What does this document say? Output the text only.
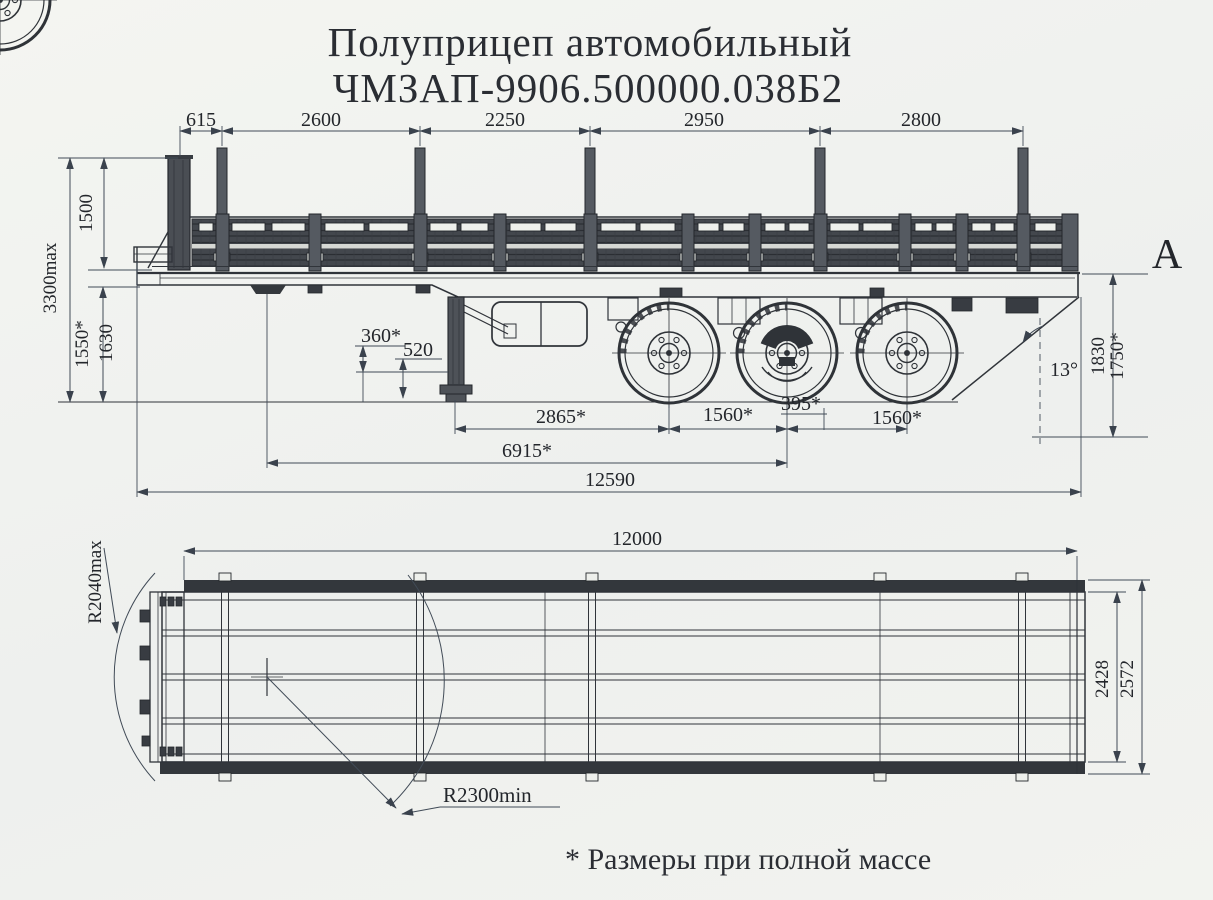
Полуприцеп автомобильный
ЧМЗАП-9906.500000.038Б2
A
615	2600	2250	2950	2800
3300max
1500
1550* 1630	1830
1750*
13°
360*
520
2865*	1560* 395*
1560*
6915*
12590
12000
R2040max
R2300min
2428 2572
* Размеры при полной массе
